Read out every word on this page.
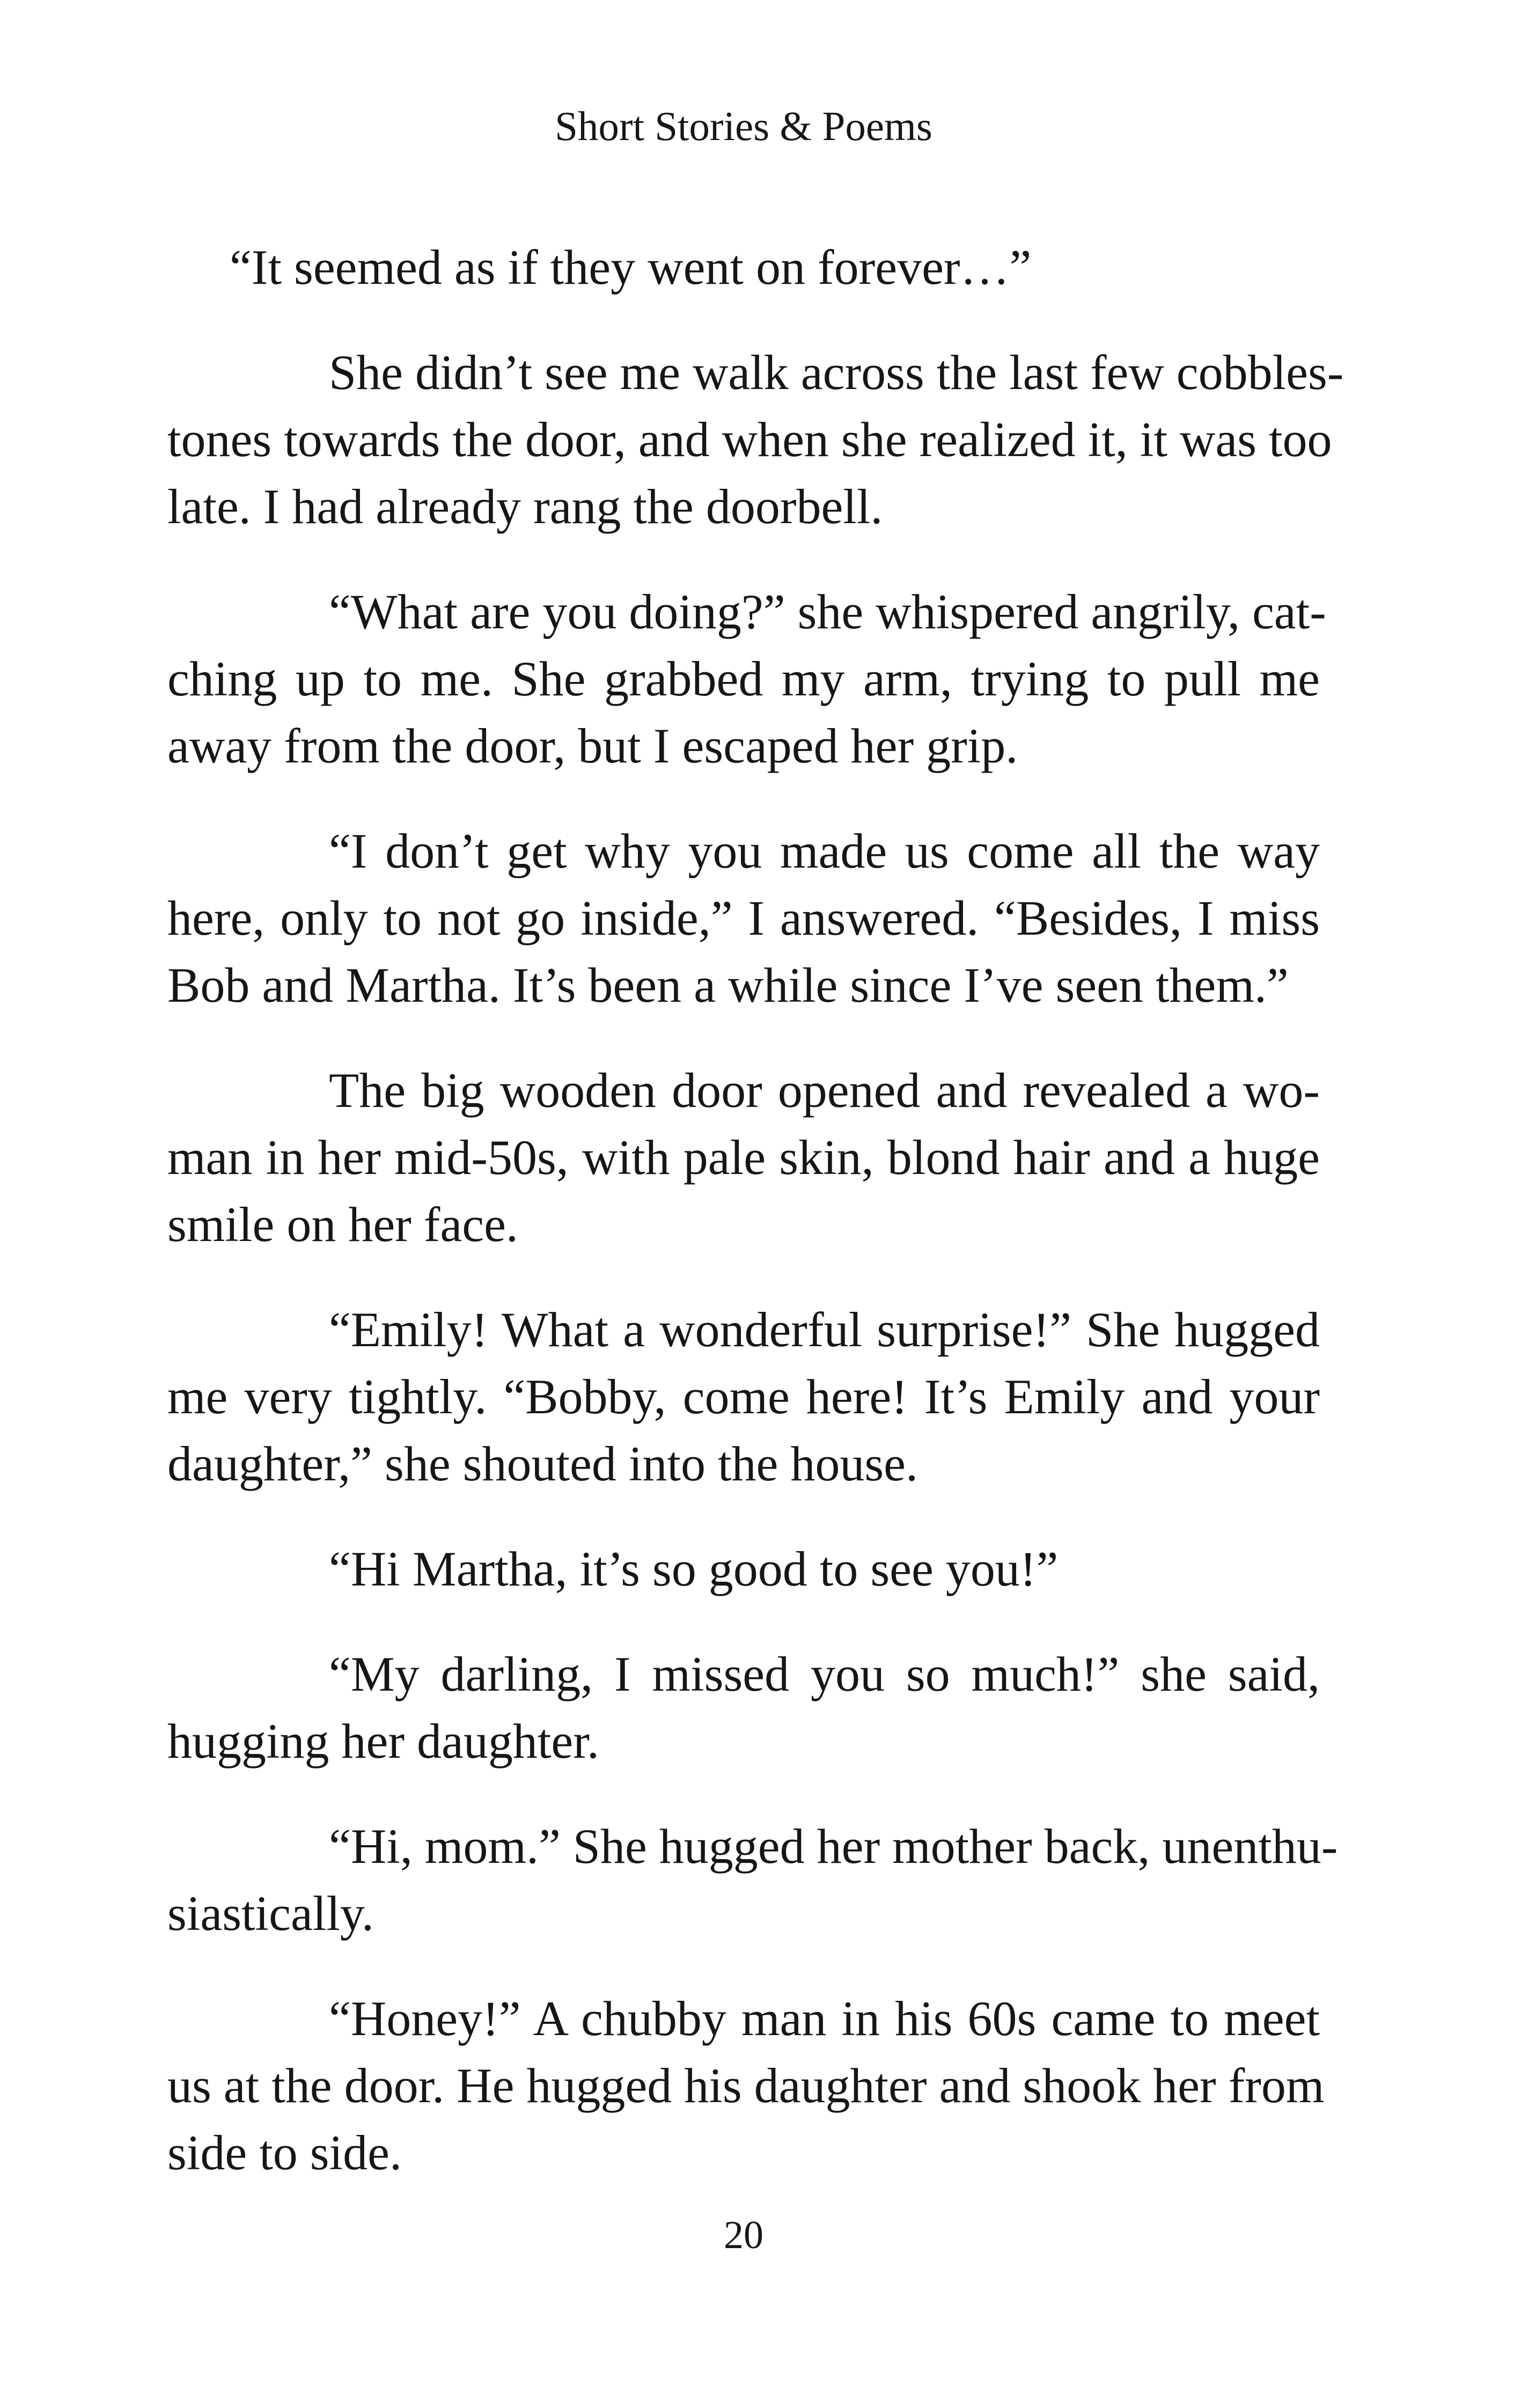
Short Stories & Poems
“It seemed as if they went on forever…”
She didn’t see me walk across the last few cobbles-
tones towards the door, and when she realized it, it was too
late. I had already rang the doorbell.
“What are you doing?” she whispered angrily, cat-
ching up to me. She grabbed my arm, trying to pull me
away from the door, but I escaped her grip.
“I don’t get why you made us come all the way
here, only to not go inside,” I answered. “Besides, I miss
Bob and Martha. It’s been a while since I’ve seen them.”
The big wooden door opened and revealed a wo-
man in her mid-50s, with pale skin, blond hair and a huge
smile on her face.
“Emily! What a wonderful surprise!” She hugged
me very tightly. “Bobby, come here! It’s Emily and your
daughter,” she shouted into the house.
“Hi Martha, it’s so good to see you!”
“My darling, I missed you so much!” she said,
hugging her daughter.
“Hi, mom.” She hugged her mother back, unenthu-
siastically.
“Honey!” A chubby man in his 60s came to meet
us at the door. He hugged his daughter and shook her from
side to side.
20
